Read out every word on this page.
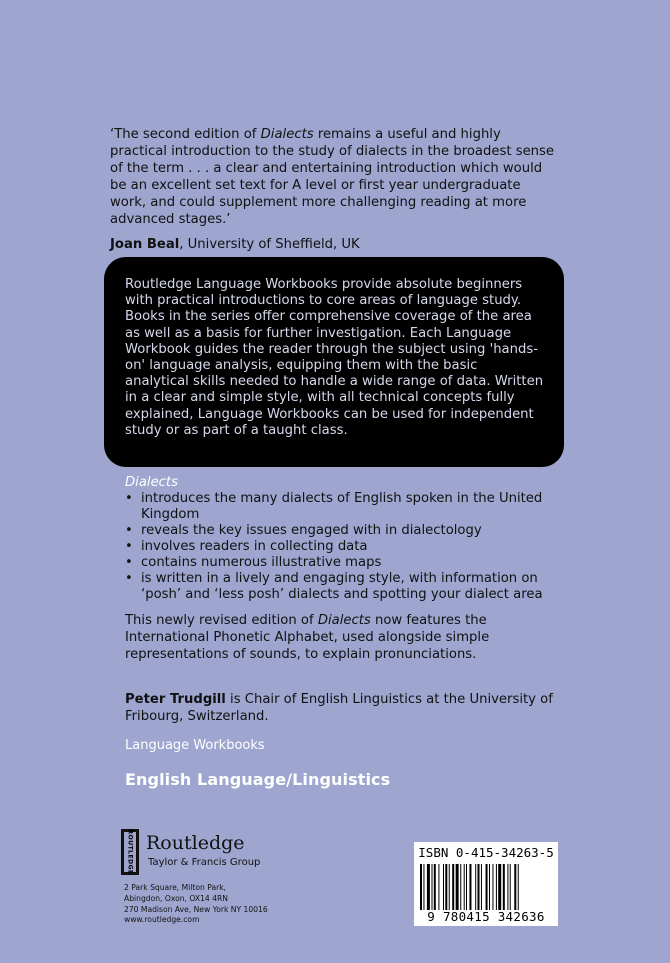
‘The second edition of Dialects remains a useful and highly practical introduction to the study of dialects in the broadest sense of the term . . . a clear and entertaining introduction which would be an excellent set text for A level or first year undergraduate work, and could supplement more challenging reading at more advanced stages.’

Joan Beal, University of Sheffield, UK

Routledge Language Workbooks provide absolute beginners with practical introductions to core areas of language study. Books in the series offer comprehensive coverage of the area as well as a basis for further investigation. Each Language Workbook guides the reader through the subject using 'hands-on' language analysis, equipping them with the basic analytical skills needed to handle a wide range of data. Written in a clear and simple style, with all technical concepts fully explained, Language Workbooks can be used for independent study or as part of a taught class.

Dialects
• introduces the many dialects of English spoken in the United Kingdom
• reveals the key issues engaged with in dialectology
• involves readers in collecting data
• contains numerous illustrative maps
• is written in a lively and engaging style, with information on ‘posh’ and ‘less posh’ dialects and spotting your dialect area

This newly revised edition of Dialects now features the International Phonetic Alphabet, used alongside simple representations of sounds, to explain pronunciations.

Peter Trudgill is Chair of English Linguistics at the University of Fribourg, Switzerland.

Language Workbooks
English Language/Linguistics
ROUTLEDGE Routledge
Taylor & Francis Group
2 Park Square, Milton Park,
Abingdon, Oxon, OX14 4RN
270 Madison Ave, New York NY 10016
www.routledge.com
ISBN 0-415-34263-5
9 780415 342636
